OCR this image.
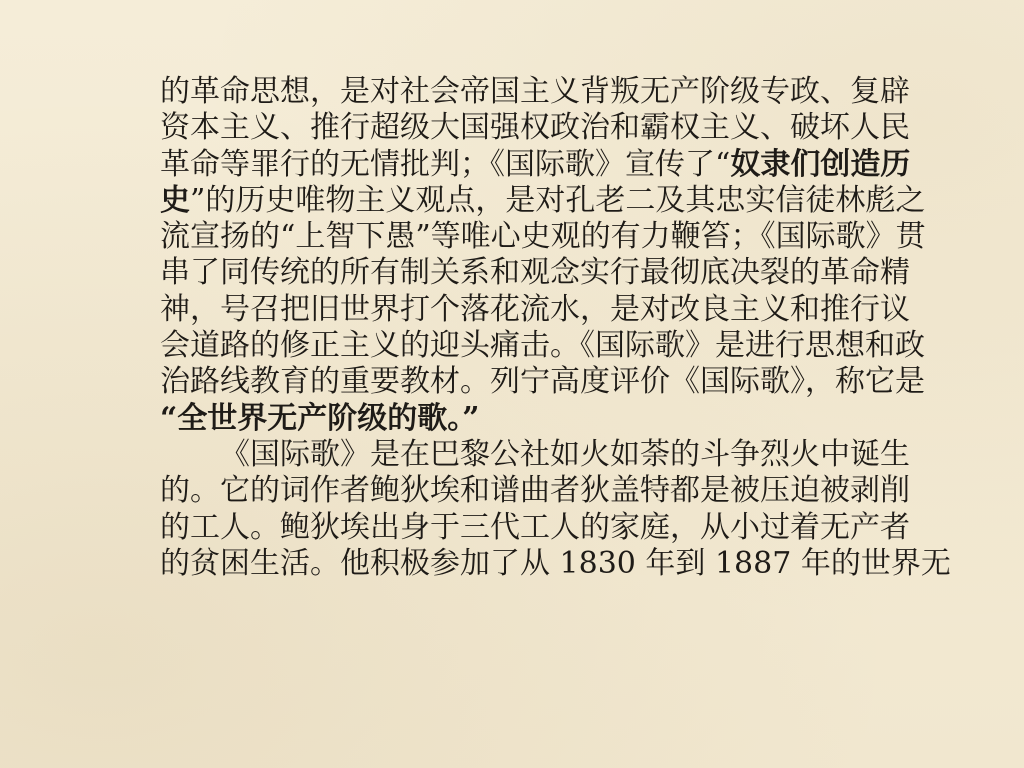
的革命思想，是对社会帝国主义背叛无产阶级专政、复辟
资本主义、推行超级大国强权政治和霸权主义、破坏人民
革命等罪行的无情批判；《国际歌》宣传了“奴隶们创造历
史”的历史唯物主义观点，是对孔老二及其忠实信徒林彪之
流宣扬的“上智下愚”等唯心史观的有力鞭笞；《国际歌》贯
串了同传统的所有制关系和观念实行最彻底决裂的革命精
神，号召把旧世界打个落花流水，是对改良主义和推行议
会道路的修正主义的迎头痛击。《国际歌》是进行思想和政
治路线教育的重要教材。列宁高度评价《国际歌》，称它是
“全世界无产阶级的歌。”
《国际歌》是在巴黎公社如火如荼的斗争烈火中诞生
的。它的词作者鲍狄埃和谱曲者狄盖特都是被压迫被剥削
的工人。鲍狄埃出身于三代工人的家庭，从小过着无产者
的贫困生活。他积极参加了从 1830 年到 1887 年的世界无
